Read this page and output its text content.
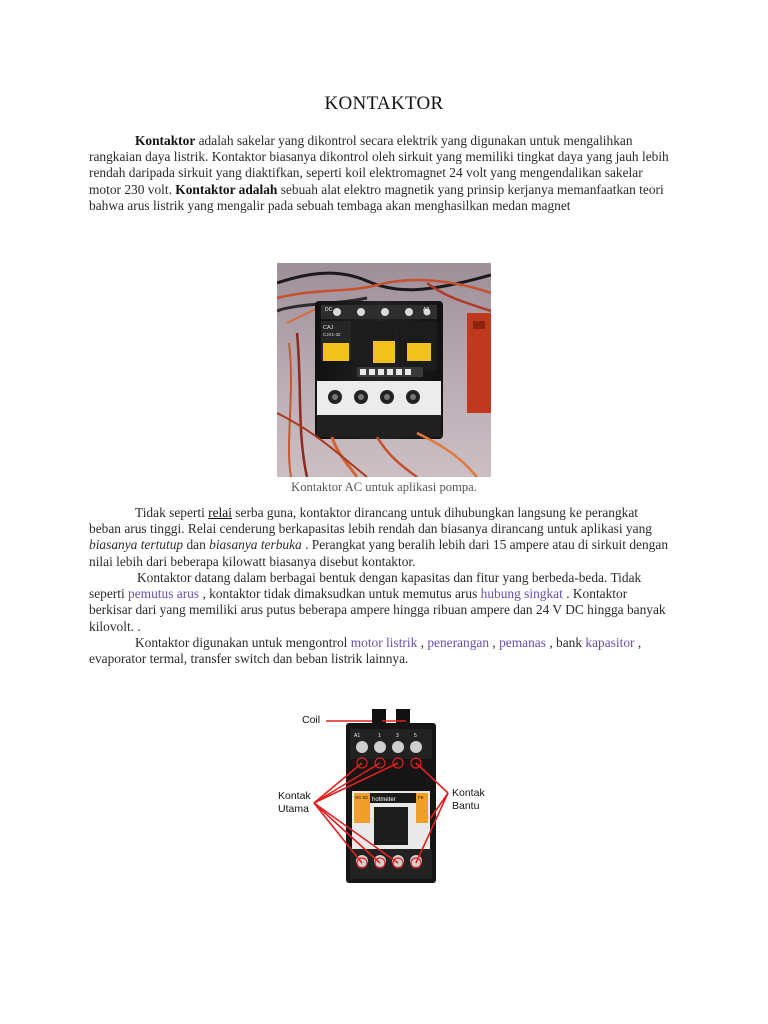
KONTAKTOR

Kontaktor adalah sakelar yang dikontrol secara elektrik yang digunakan untuk mengalihkan rangkaian daya listrik. Kontaktor biasanya dikontrol oleh sirkuit yang memiliki tingkat daya yang jauh lebih rendah daripada sirkuit yang diaktifkan, seperti koil elektromagnet 24 volt yang mengendalikan sakelar motor 230 volt. Kontaktor adalah sebuah alat elektro magnetik yang prinsip kerjanya memanfaatkan teori bahwa arus listrik yang mengalir pada sebuah tembaga akan menghasilkan medan magnet

DC	A2
CAJ
CJX1-32
Kontaktor AC untuk aplikasi pompa.

Tidak seperti relai serba guna, kontaktor dirancang untuk dihubungkan langsung ke perangkat beban arus tinggi. Relai cenderung berkapasitas lebih rendah dan biasanya dirancang untuk aplikasi yang biasanya tertutup dan biasanya terbuka . Perangkat yang beralih lebih dari 15 ampere atau di sirkuit dengan nilai lebih dari beberapa kilowatt biasanya disebut kontaktor.

Kontaktor datang dalam berbagai bentuk dengan kapasitas dan fitur yang berbeda-beda. Tidak seperti pemutus arus , kontaktor tidak dimaksudkan untuk memutus arus hubung singkat . Kontaktor berkisar dari yang memiliki arus putus beberapa ampere hingga ribuan ampere dan 24 V DC hingga banyak kilovolt. .

Kontaktor digunakan untuk mengontrol motor listrik , penerangan , pemanas , bank kapasitor , evaporator termal, transfer switch dan beban listrik lainnya.

A1	1	3	5
hotmeter
SC-03	FE
Coil
Kontak
Utama
Kontak
Bantu
